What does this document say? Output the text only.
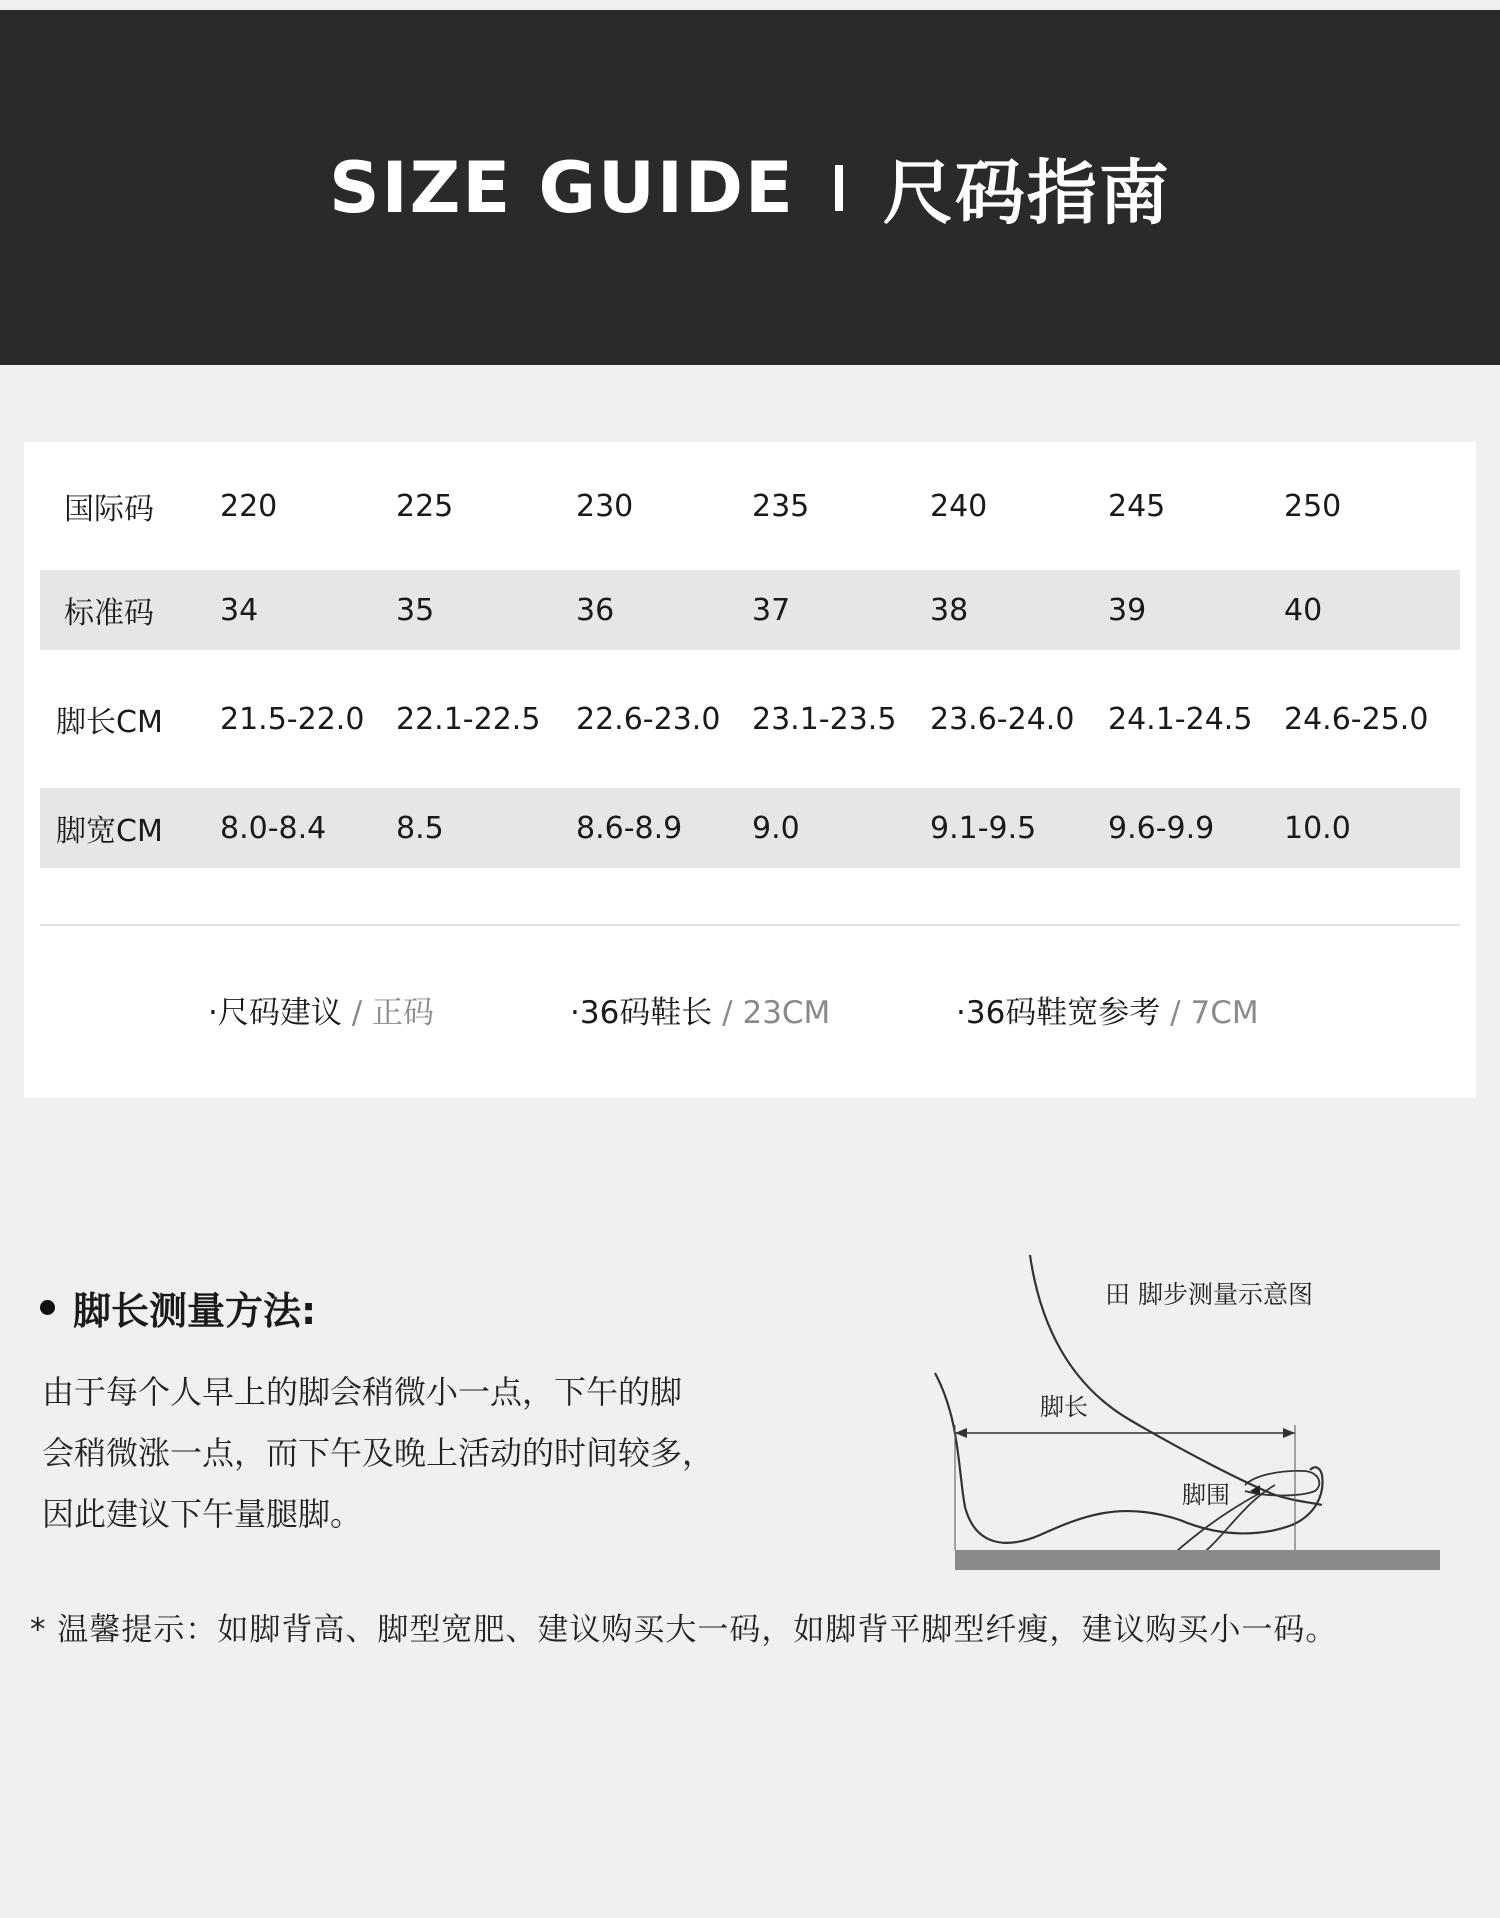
SIZE GUIDE 尺码指南
国际码	220	225	230	235	240	245	250
标准码	34	35	36	37	38	39	40
脚长CM	21.5-22.0	22.1-22.5	22.6-23.0	23.1-23.5	23.6-24.0	24.1-24.5	24.6-25.0
脚宽CM	8.0-8.4	8.5	8.6-8.9	9.0	9.1-9.5	9.6-9.9	10.0
·尺码建议 / 正码	·36码鞋长 / 23CM	·36码鞋宽参考 / 7CM
脚长测量方法:
由于每个人早上的脚会稍微小一点，下午的脚
会稍微涨一点，而下午及晚上活动的时间较多，
因此建议下午量腿脚。
田 脚步测量示意图
脚长
脚围
* 温馨提示：如脚背高、脚型宽肥、建议购买大一码，如脚背平脚型纤瘦，建议购买小一码。
